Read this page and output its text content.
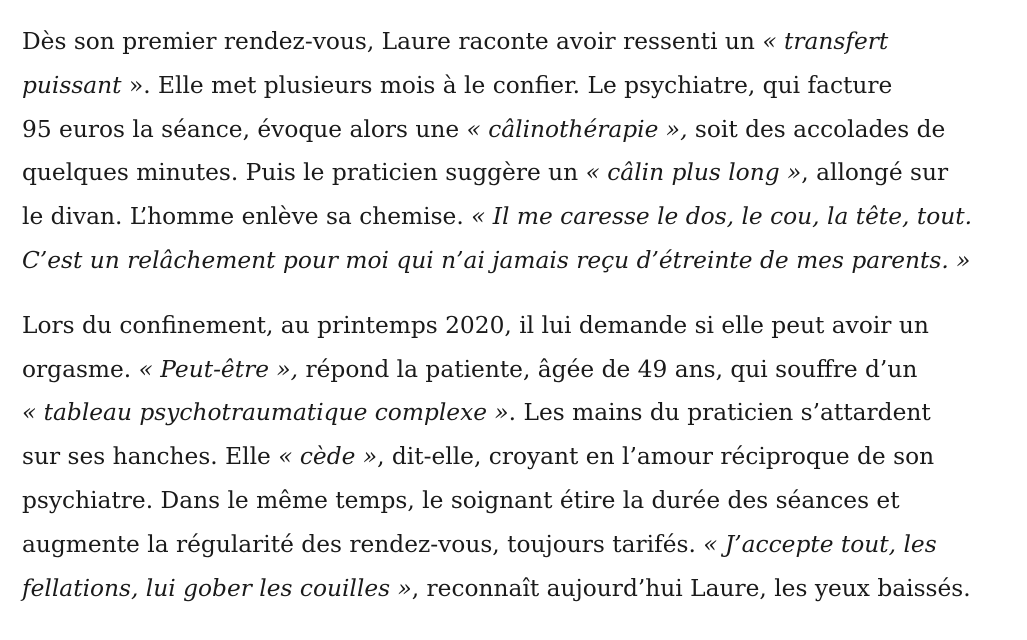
Dès son premier rendez-vous, Laure raconte avoir ressenti un « transfert
puissant ». Elle met plusieurs mois à le confier. Le psychiatre, qui facture
95 euros la séance, évoque alors une « câlinothérapie », soit des accolades de
quelques minutes. Puis le praticien suggère un « câlin plus long », allongé sur
le divan. L’homme enlève sa chemise. « Il me caresse le dos, le cou, la tête, tout.
C’est un relâchement pour moi qui n’ai jamais reçu d’étreinte de mes parents. »

Lors du confinement, au printemps 2020, il lui demande si elle peut avoir un
orgasme. « Peut-être », répond la patiente, âgée de 49 ans, qui souffre d’un
« tableau psychotraumatique complexe ». Les mains du praticien s’attardent
sur ses hanches. Elle « cède », dit-elle, croyant en l’amour réciproque de son
psychiatre. Dans le même temps, le soignant étire la durée des séances et
augmente la régularité des rendez-vous, toujours tarifés. « J’accepte tout, les
fellations, lui gober les couilles », reconnaît aujourd’hui Laure, les yeux baissés.
